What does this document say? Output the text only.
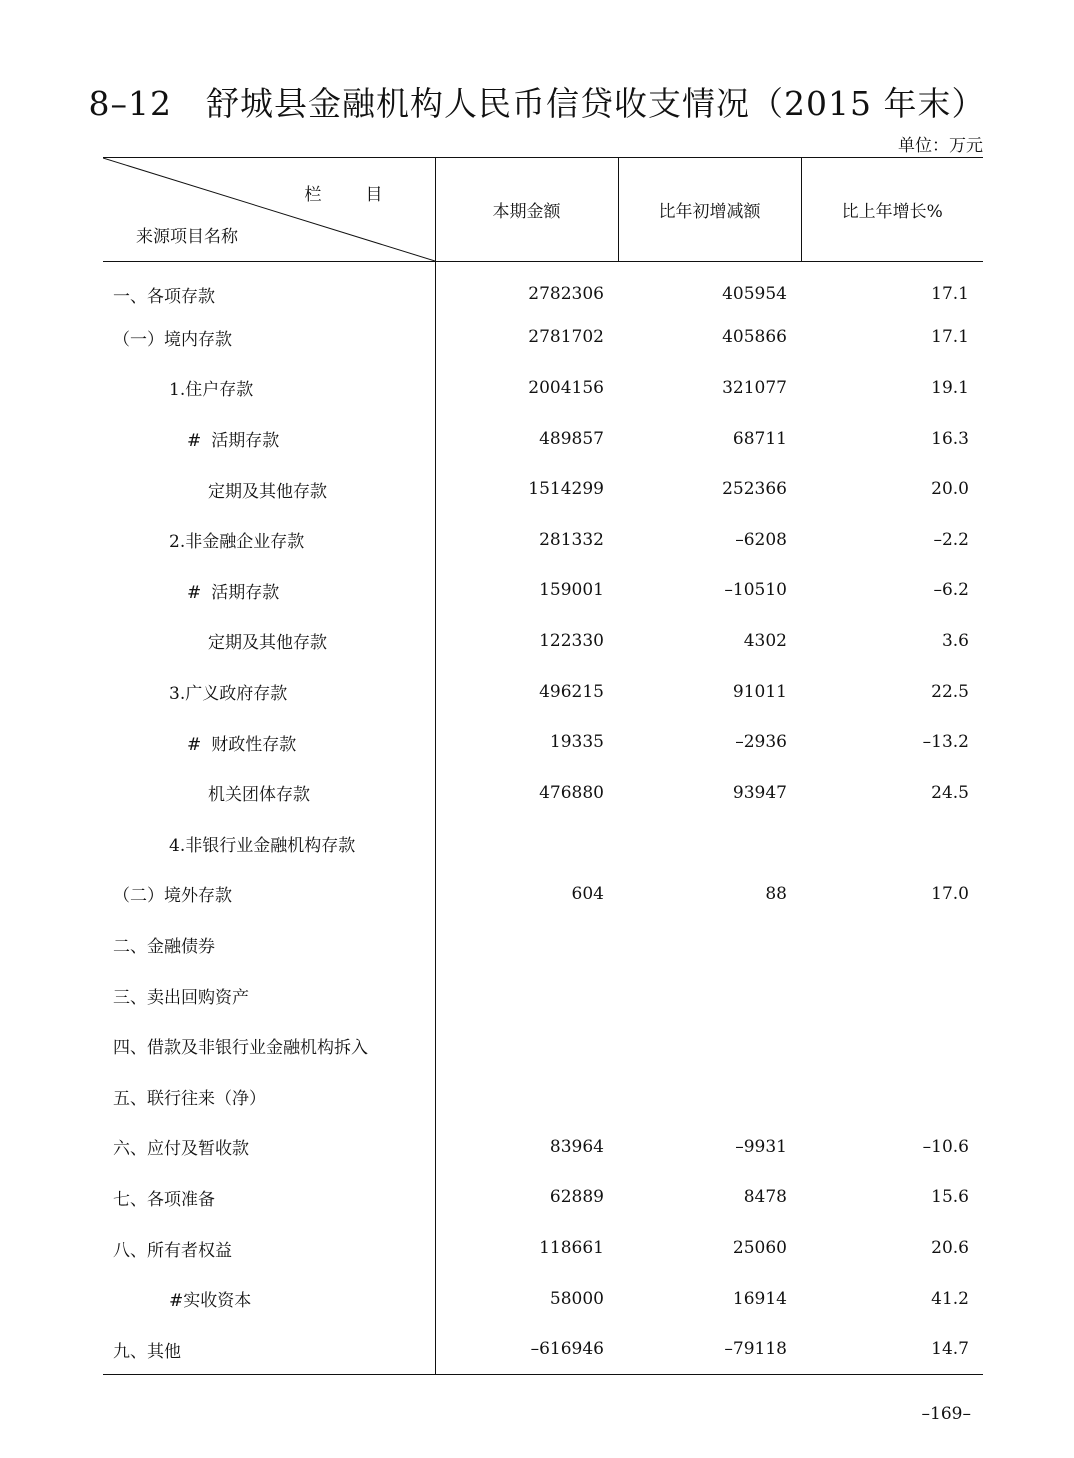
8–12 舒城县金融机构人民币信贷收支情况（2015 年末）
单位：万元
栏 目
来源项目名称	本期金额	比年初增减额	比上年增长%
一、各项存款	2782306	405954	17.1
（一）境内存款	2781702	405866	17.1
1.住户存款	2004156	321077	19.1
# 活期存款	489857	68711	16.3
定期及其他存款	1514299	252366	20.0
2.非金融企业存款	281332	–6208	–2.2
# 活期存款	159001	–10510	–6.2
定期及其他存款	122330	4302	3.6
3.广义政府存款	496215	91011	22.5
# 财政性存款	19335	–2936	–13.2
机关团体存款	476880	93947	24.5
4.非银行业金融机构存款			
（二）境外存款	604	88	17.0
二、金融债券			
三、卖出回购资产			
四、借款及非银行业金融机构拆入			
五、联行往来（净）			
六、应付及暂收款	83964	–9931	–10.6
七、各项准备	62889	8478	15.6
八、所有者权益	118661	25060	20.6
#实收资本	58000	16914	41.2
九、其他	–616946	–79118	14.7
–169–
